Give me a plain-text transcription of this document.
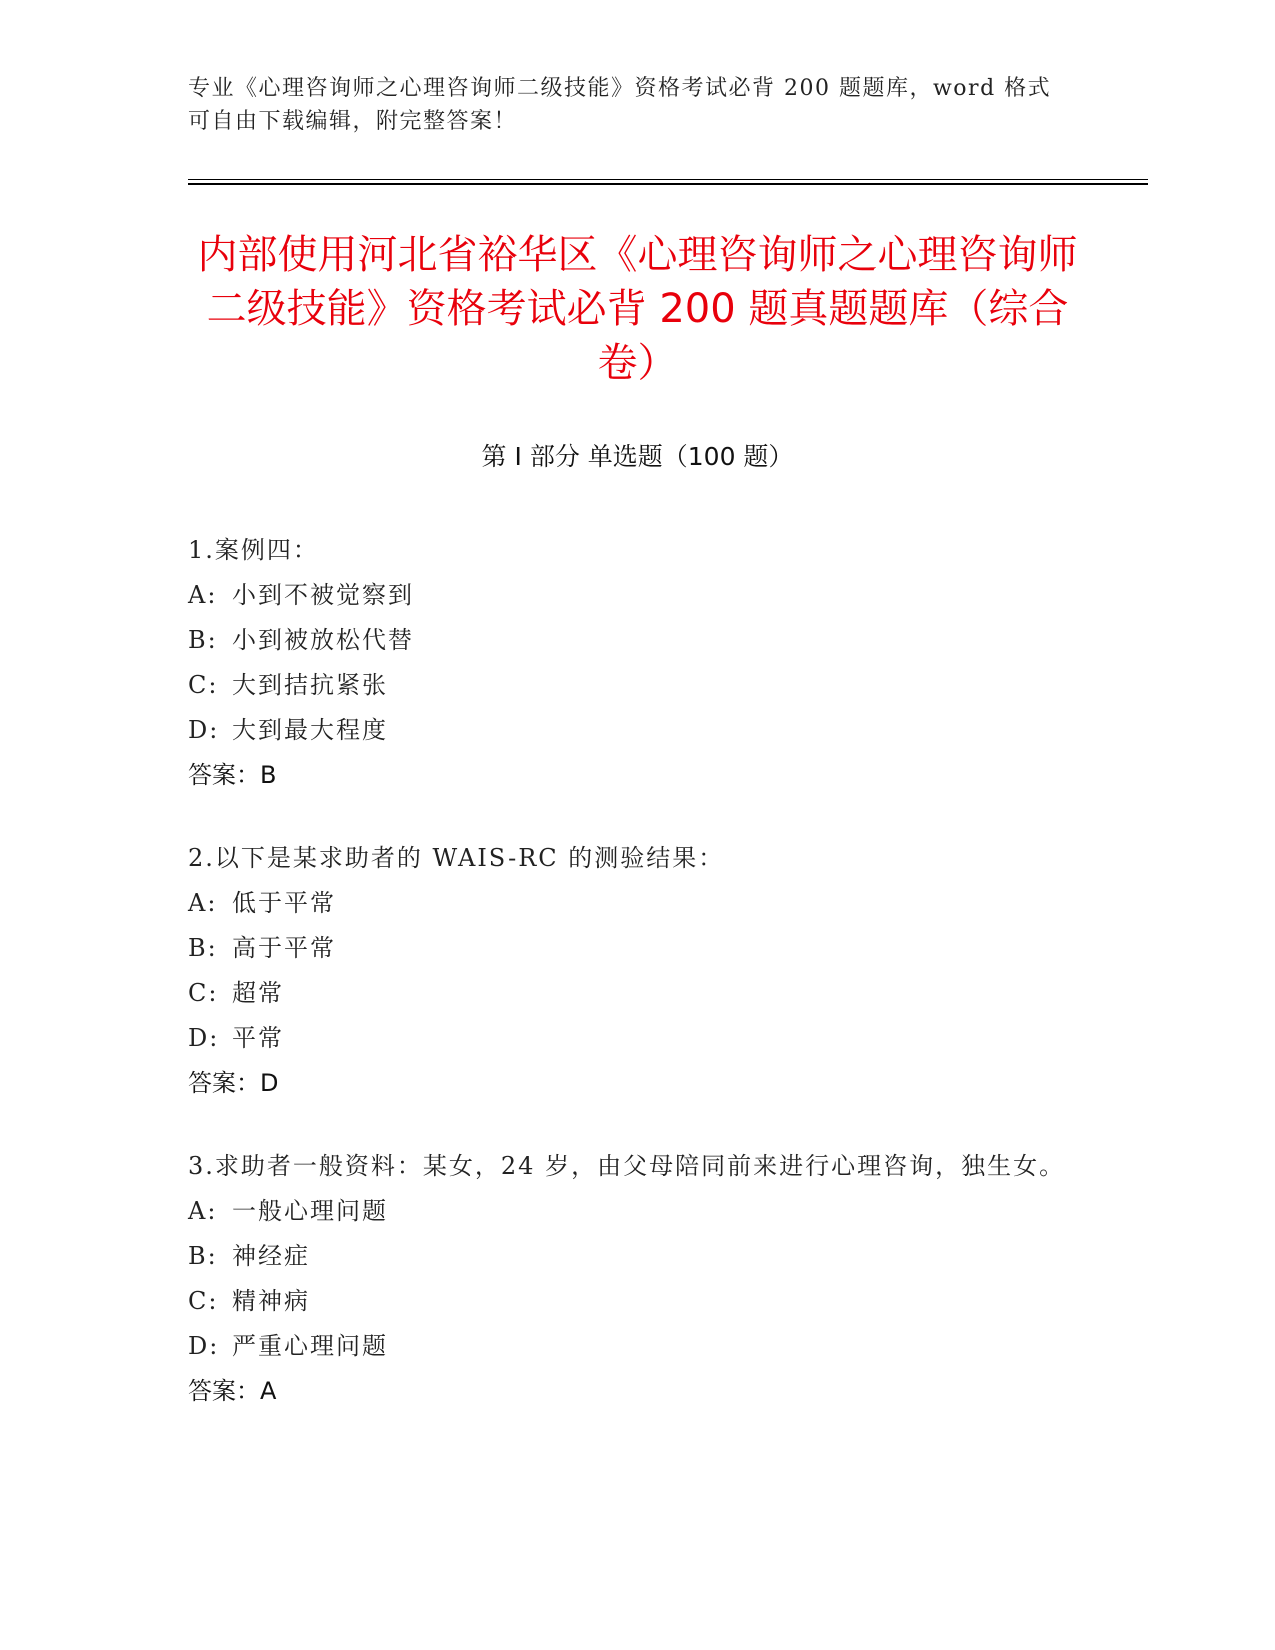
专业《心理咨询师之心理咨询师二级技能》资格考试必背 200 题题库，word 格式可自由下载编辑，附完整答案！
内部使用河北省裕华区《心理咨询师之心理咨询师二级技能》资格考试必背 200 题真题题库（综合卷）
第 I 部分 单选题（100 题）
1.案例四：
A: 小到不被觉察到
B: 小到被放松代替
C: 大到拮抗紧张
D: 大到最大程度
答案：B
2.以下是某求助者的 WAIS-RC 的测验结果：
A: 低于平常
B: 高于平常
C: 超常
D: 平常
答案：D
3.求助者一般资料：某女，24 岁，由父母陪同前来进行心理咨询，独生女。
A: 一般心理问题
B: 神经症
C: 精神病
D: 严重心理问题
答案：A
